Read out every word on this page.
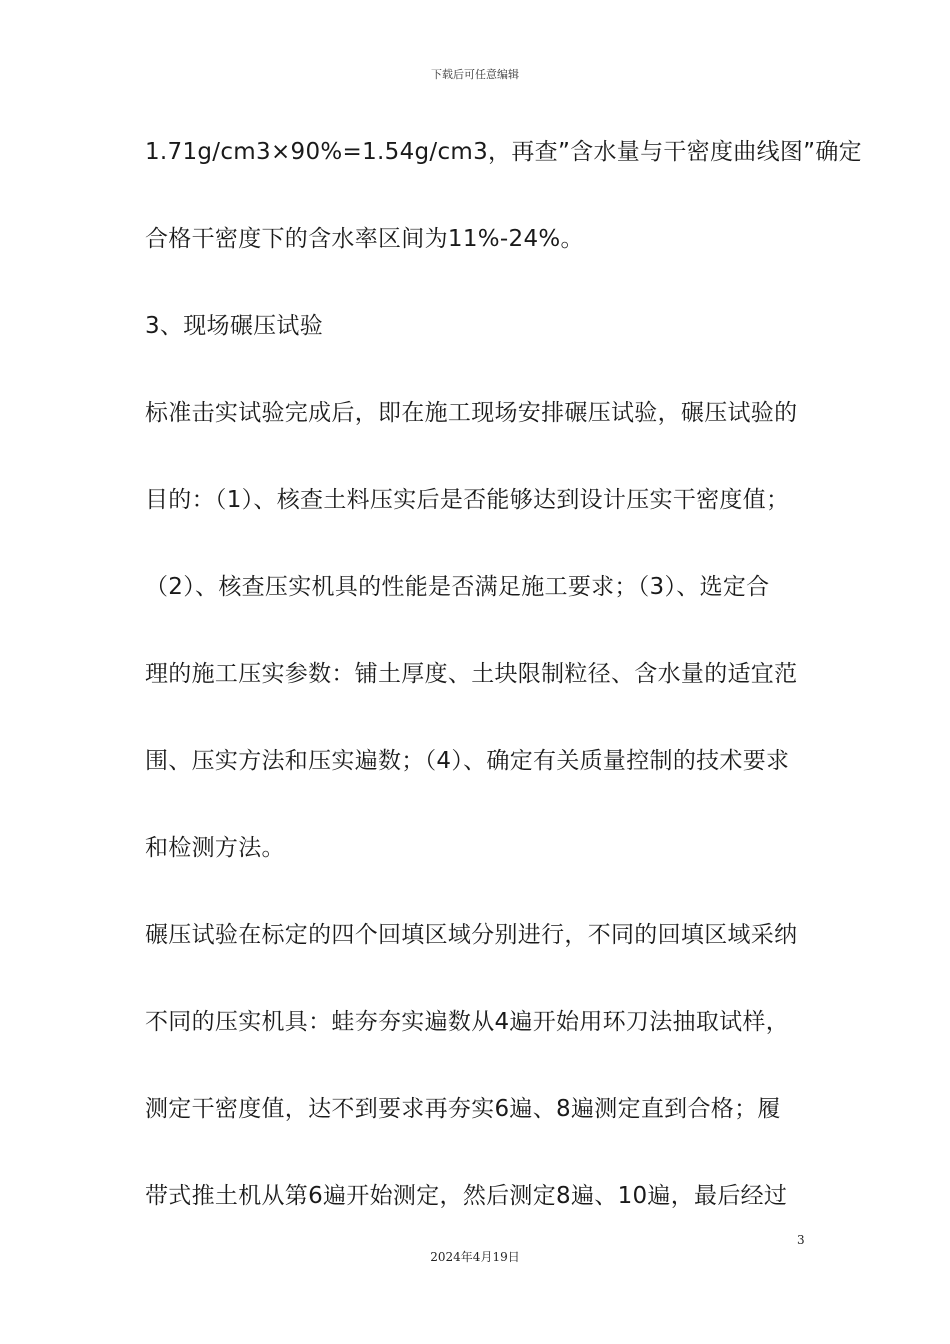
下载后可任意编辑
1.71g/cm3×90%=1.54g/cm3，再查”含水量与干密度曲线图”确定
合格干密度下的含水率区间为11%-24%。
3、现场碾压试验
标准击实试验完成后，即在施工现场安排碾压试验，碾压试验的
目的：（1）、核查土料压实后是否能够达到设计压实干密度值；
（2）、核查压实机具的性能是否满足施工要求；（3）、选定合
理的施工压实参数：铺土厚度、土块限制粒径、含水量的适宜范
围、压实方法和压实遍数；（4）、确定有关质量控制的技术要求
和检测方法。
碾压试验在标定的四个回填区域分别进行，不同的回填区域采纳
不同的压实机具：蛙夯夯实遍数从4遍开始用环刀法抽取试样，
测定干密度值，达不到要求再夯实6遍、8遍测定直到合格；履
带式推土机从第6遍开始测定，然后测定8遍、10遍，最后经过
3
2024年4月19日
